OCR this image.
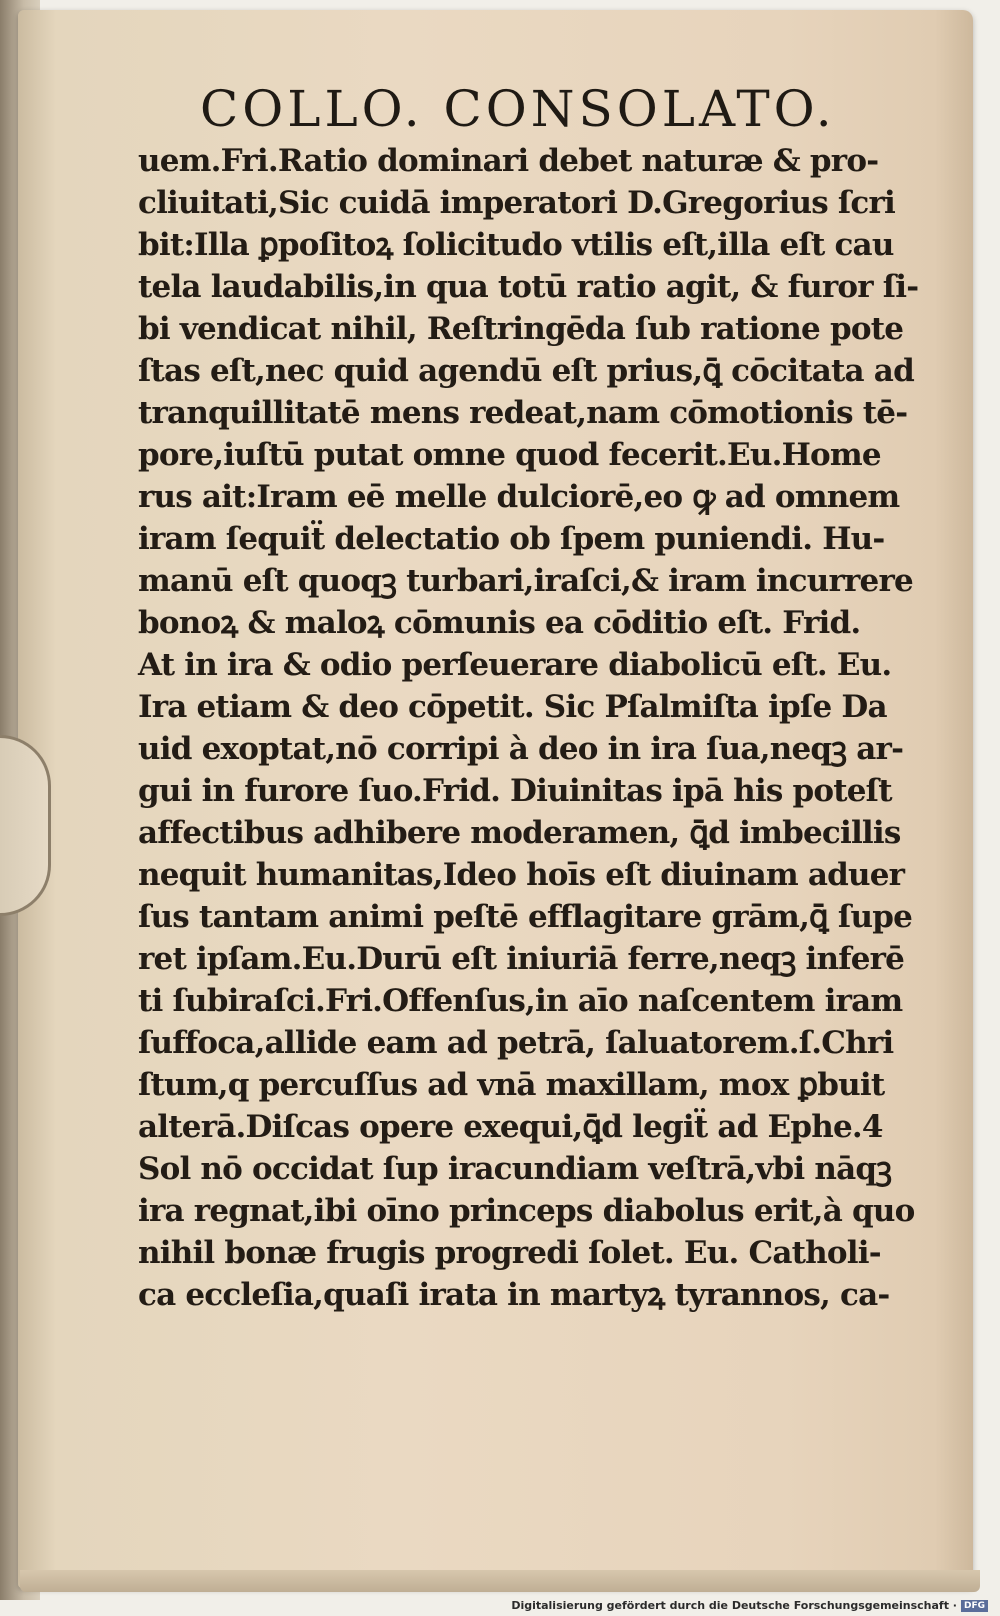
COLLO. CONSOLATO.
uem.Fri.Ratio dominari debet naturæ & pro-
cliuitati,Sic cuidā imperatori D.Gregorius ſcri
bit:Illa ꝑpoſitoꝝ ſolicitudo vtilis eſt,illa eſt cau
tela laudabilis,in qua totū ratio agit, & furor ſi-
bi vendicat nihil, Reſtringēda ſub ratione pote
ſtas eſt,nec quid agendū eſt prius,ꝗ̄ cōcitata ad
tranquillitatē mens redeat,nam cōmotionis tē-
pore,iuſtū putat omne quod fecerit.Eu.Home
rus ait:Iram eē melle dulciorē,eo ꝙ ad omnem
iram ſequiẗ delectatio ob ſpem puniendi. Hu-
manū eſt quoqꝫ turbari,iraſci,& iram incurrere
bonoꝝ & maloꝝ cōmunis ea cōditio eſt. Frid.
At in ira & odio perſeuerare diabolicū eſt. Eu.
Ira etiam & deo cōpetit. Sic Pſalmiſta ipſe Da
uid exoptat,nō corripi à deo in ira ſua,neqꝫ ar-
gui in furore ſuo.Frid. Diuinitas ipā his poteſt
affectibus adhibere moderamen, ꝗ̄d imbecillis
nequit humanitas,Ideo hoīs eſt diuinam aduer
ſus tantam animi peſtē efflagitare grām,ꝗ̄ ſupe
ret ipſam.Eu.Durū eſt iniuriā ferre,neqꝫ inferē
ti ſubiraſci.Fri.Offenſus,in aīo naſcentem iram
ſuffoca,allide eam ad petrā, ſaluatorem.ſ.Chri
ſtum,q percuſſus ad vnā maxillam, mox ꝑbuit
alterā.Diſcas opere exequi,ꝗ̄d legiẗ ad Ephe.4
Sol nō occidat ſup iracundiam veſtrā,vbi nāqꝫ
ira regnat,ibi oīno princeps diabolus erit,à quo
nihil bonæ frugis progredi ſolet. Eu. Catholi-
ca eccleſia,quaſi irata in martyꝝ tyrannos, ca-
Digitalisierung gefördert durch die Deutsche Forschungsgemeinschaft · DFG
